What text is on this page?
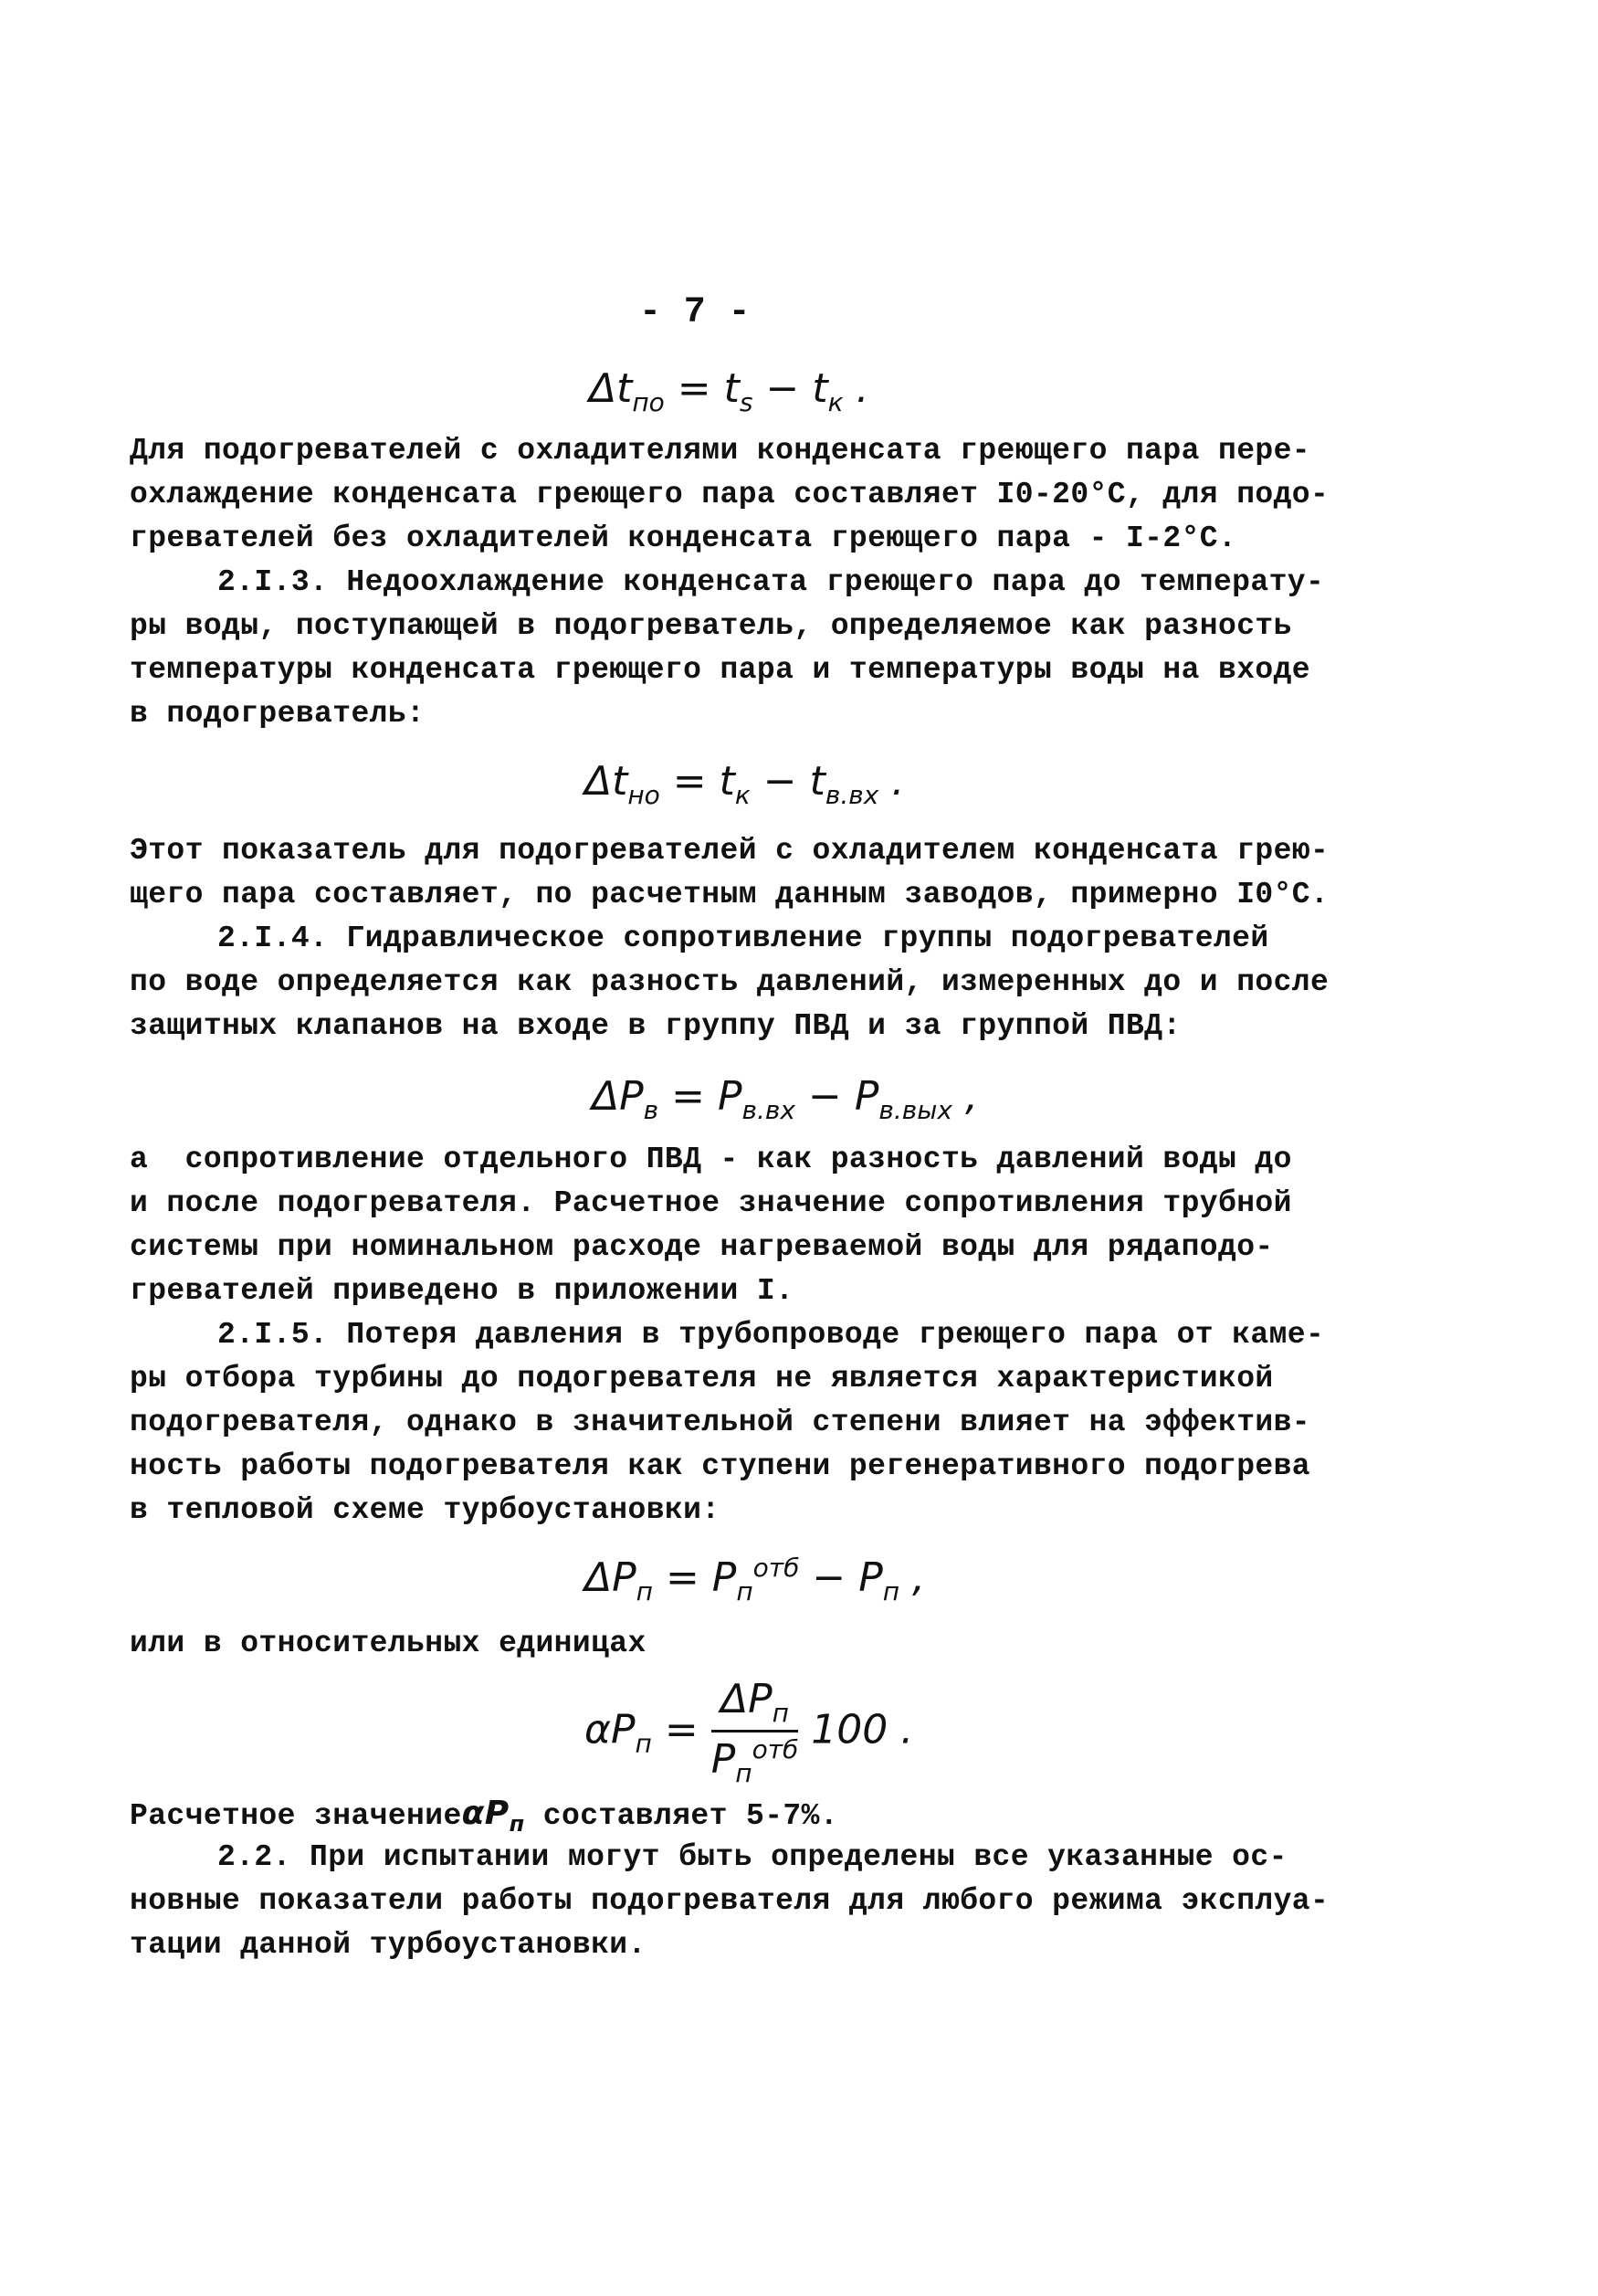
- 7 -
$\Delta t_{по} = t_s - t_к$ .
Для подогревателей с охладителями конденсата греющего пара пере-
охлаждение конденсата греющего пара составляет I0-20°С, для подо-
гревателей без охладителей конденсата греющего пара - I-2°С.
2.I.3. Недоохлаждение конденсата греющего пара до температу-
ры воды, поступающей в подогреватель, определяемое как разность
температуры конденсата греющего пара и температуры воды на входе
в подогреватель:
$\Delta t_{но} = t_к - t_{в.вх}$ .
Этот показатель для подогревателей с охладителем конденсата грею-
щего пара составляет, по расчетным данным заводов, примерно I0°С.
2.I.4. Гидравлическое сопротивление группы подогревателей
по воде определяется как разность давлений, измеренных до и после
защитных клапанов на входе в группу ПВД и за группой ПВД:
$\Delta P_в = P_{в.вх} - P_{в.вых}$ ,
а  сопротивление отдельного ПВД - как разность давлений воды до
и после подогревателя. Расчетное значение сопротивления трубной
системы при номинальном расходе нагреваемой воды для рядаподо-
гревателей приведено в приложении I.
2.I.5. Потеря давления в трубопроводе греющего пара от каме-
ры отбора турбины до подогревателя не является характеристикой
подогревателя, однако в значительной степени влияет на эффектив-
ность работы подогревателя как ступени регенеративного подогрева
в тепловой схеме турбоустановки:
$\Delta P_п = P_п^{отб} - P_п$ ,
или в относительных единицах
$\alpha P_п = \frac{\Delta P_п}{P_п^{отб}} 100$ .
Расчетное значениеαP$_п$ составляет 5-7%.
2.2. При испытании могут быть определены все указанные ос-
новные показатели работы подогревателя для любого режима эксплуа-
тации данной турбоустановки.
